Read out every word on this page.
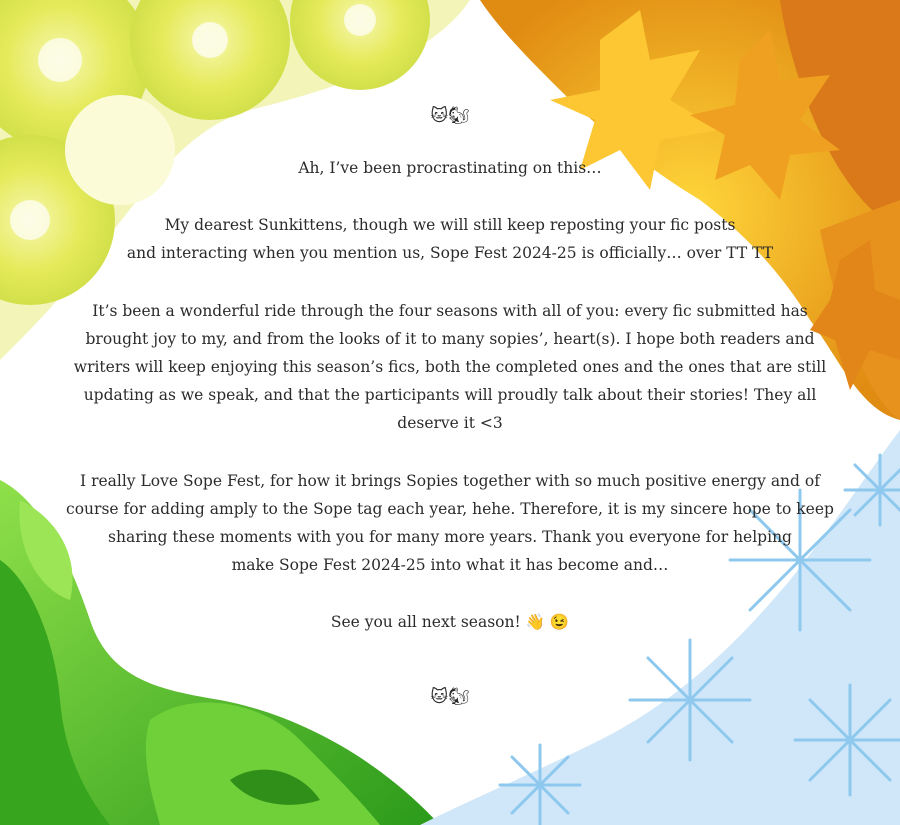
🐱🐿
Ah, I’ve been procrastinating on this…
My dearest Sunkittens, though we will still keep reposting your fic posts
and interacting when you mention us, Sope Fest 2024-25 is officially… over TT TT
It’s been a wonderful ride through the four seasons with all of you: every fic submitted has
brought joy to my, and from the looks of it to many sopies’, heart(s). I hope both readers and
writers will keep enjoying this season’s fics, both the completed ones and the ones that are still
updating as we speak, and that the participants will proudly talk about their stories! They all
deserve it <3
I really Love Sope Fest, for how it brings Sopies together with so much positive energy and of
course for adding amply to the Sope tag each year, hehe. Therefore, it is my sincere hope to keep
sharing these moments with you for many more years. Thank you everyone for helping
make Sope Fest 2024-25 into what it has become and…
See you all next season! 👋 😉
🐱🐿
